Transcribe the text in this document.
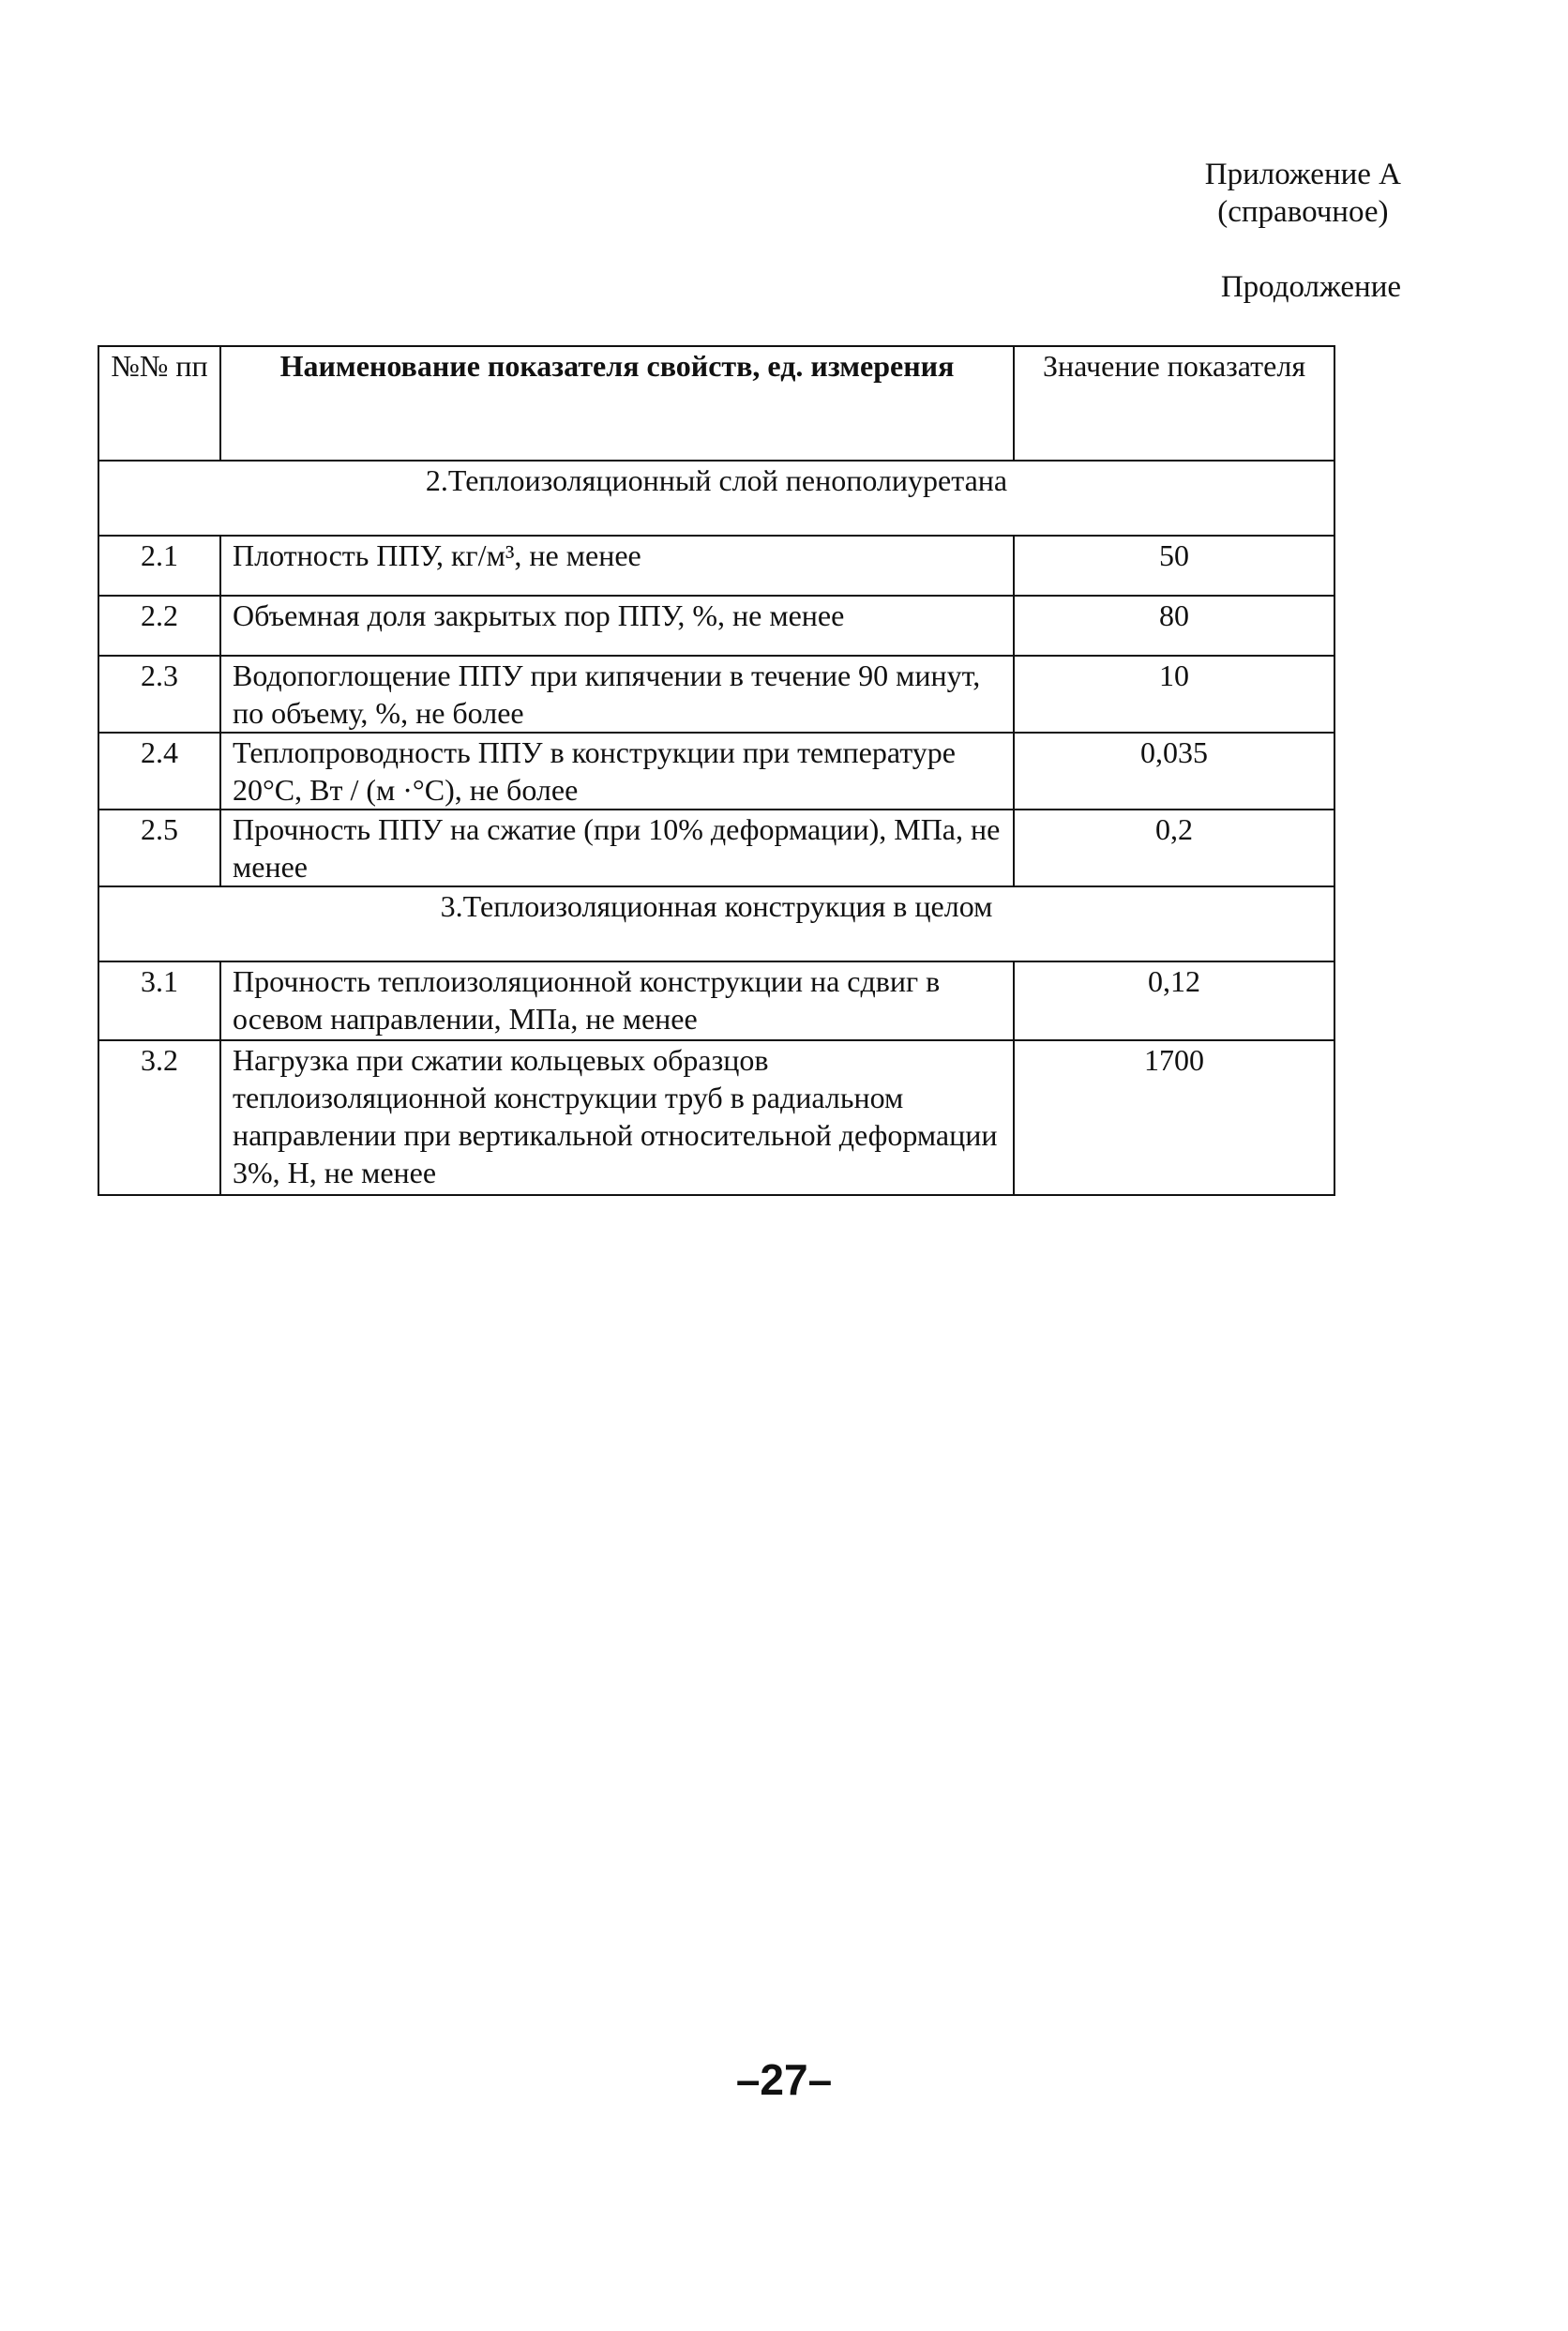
Приложение А
(справочное)
Продолжение
№№ пп	Наименование показателя свойств, ед. измерения	Значение показателя
2.Теплоизоляционный слой пенополиуретана		
2.1	Плотность ППУ, кг/м³, не менее	50
2.2	Объемная доля закрытых пор ППУ, %, не менее	80
2.3	Водопоглощение ППУ при кипячении в течение 90 минут, по объему, %, не более	10
2.4	Теплопроводность ППУ в конструкции при температуре 20°С, Вт / (м ·°С), не более	0,035
2.5	Прочность ППУ на сжатие (при 10% деформации), МПа, не менее	0,2
3.Теплоизоляционная конструкция в целом		
3.1	Прочность теплоизоляционной конструкции на сдвиг в осевом направлении, МПа, не менее	0,12
3.2	Нагрузка при сжатии кольцевых образцов теплоизоляционной конструкции труб в радиальном направлении при вертикальной относительной деформации 3%, Н, не менее	1700
–27–
